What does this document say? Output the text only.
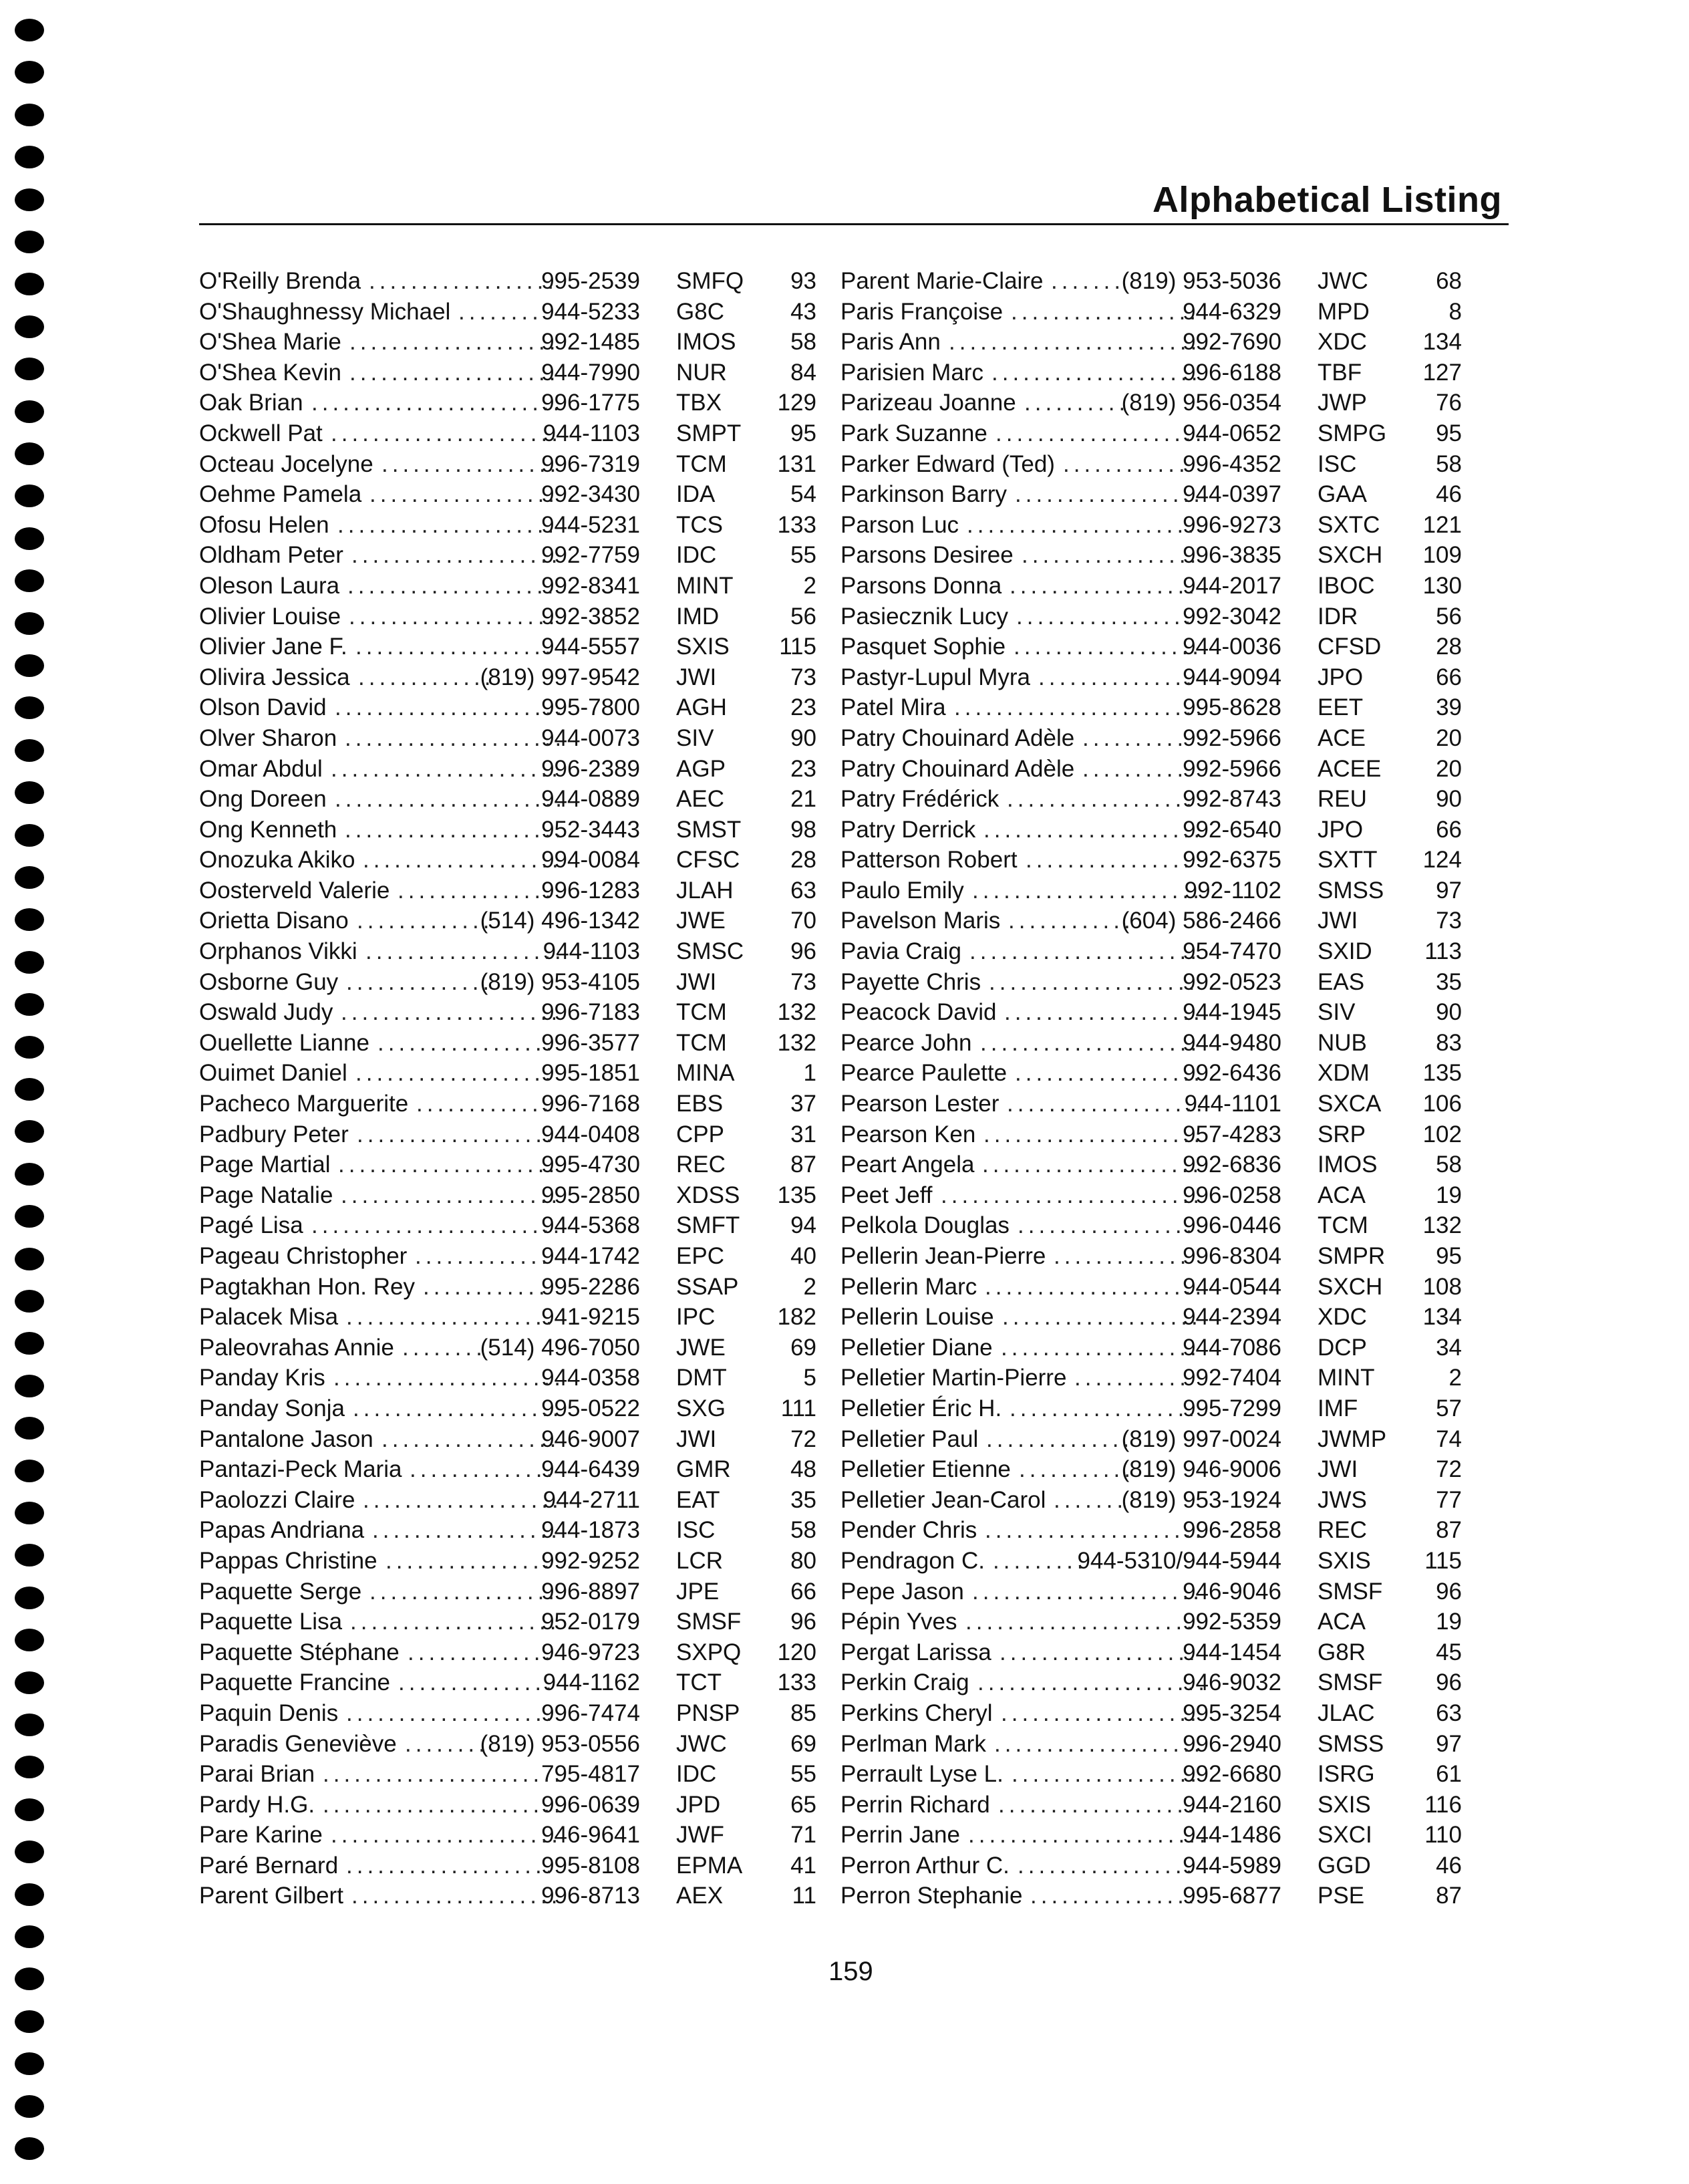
Alphabetical Listing
O'Reilly Brenda	995-2539 SMFQ	93
..................
O'Shaughnessy Michael	944-5233 G8C	43
........
O'Shea Marie	992-1485 IMOS	58
....................
O'Shea Kevin	944-7990 NUR	84
....................
Oak Brian	996-1775 TBX	129
........................
Ockwell Pat	944-1103 SMPT	95
......................
Octeau Jocelyne	996-7319 TCM	131
.................
Oehme Pamela	992-3430 IDA	54
..................
Ofosu Helen	944-5231 TCS	133
.....................
Oldham Peter	992-7759 IDC	55
....................
Oleson Laura	992-8341 MINT	2
....................
Olivier Louise	992-3852 IMD	56
....................
Olivier Jane F.	944-5557 SXIS	115
...................
Olivira Jessica	(819) 997-9542 JWI	73
.............
Olson David	995-7800 AGH	23
......................
Olver Sharon	944-0073 SIV	90
.....................
Omar Abdul	996-2389 AGP	23
......................
Ong Doreen	944-0889 AEC	21
......................
Ong Kenneth	952-3443 SMST	98
.....................
Onozuka Akiko	994-0084 CFSC	28
...................
Oosterveld Valerie	996-1283 JLAH	63
...............
Orietta Disano	(514) 496-1342 JWE	70
.............
Orphanos Vikki	944-1103 SMSC	96
...................
Osborne Guy	(819) 953-4105 JWI	73
..............
Oswald Judy	996-7183 TCM	132
.....................
Ouellette Lianne	996-3577 TCM	132
.................
Ouimet Daniel	995-1851 MINA	1
...................
Pacheco Marguerite	996-7168 EBS	37
.............
Padbury Peter	944-0408 CPP	31
...................
Page Martial	995-4730 REC	87
.....................
Page Natalie	995-2850 XDSS	135
.....................
Pagé Lisa	944-5368 SMFT	94
........................
Pageau Christopher	944-1742 EPC	40
.............
Pagtakhan Hon. Rey	995-2286 SSAP	2
............
Palacek Misa	941-9215 IPC	182
....................
Paleovrahas Annie	(514) 496-7050 JWE	69
........
Panday Kris	944-0358 DMT	5
......................
Panday Sonja	995-0522 SXG	111
....................
Pantalone Jason	946-9007 JWI	72
.................
Pantazi-Peck Maria	944-6439 GMR	48
..............
Paolozzi Claire	944-2711 EAT	35
...................
Papas Andriana	944-1873 ISC	58
..................
Pappas Christine	992-9252 LCR	80
................
Paquette Serge	996-8897 JPE	66
..................
Paquette Lisa	952-0179 SMSF	96
....................
Paquette Stéphane	946-9723 SXPQ	120
..............
Paquette Francine	944-1162 TCT	133
...............
Paquin Denis	996-7474 PNSP	85
....................
Paradis Geneviève	(819) 953-0556 JWC	69
........
Parai Brian	795-4817 IDC	55
.......................
Pardy H.G.	996-0639 JPD	65
.......................
Pare Karine	946-9641 JWF	71
......................
Paré Bernard	995-8108 EPMA	41
....................
Parent Gilbert	996-8713 AEX	11
....................
Parent Marie-Claire	(819) 953-5036 JWC	68
.......
Paris Françoise	944-6329 MPD	8
..................
Paris Ann	992-7690 XDC	134
.........................
Parisien Marc	996-6188 TBF	127
....................
Parizeau Joanne	(819) 956-0354 JWP	76
..........
Park Suzanne	944-0652 SMPG	95
....................
Parker Edward (Ted)	996-4352 ISC	58
............
Parkinson Barry	944-0397 GAA	46
..................
Parson Luc	996-9273 SXTC	121
.......................
Parsons Desiree	996-3835 SXCH	109
.................
Parsons Donna	944-2017 IBOC	130
..................
Pasiecznik Lucy	992-3042 IDR	56
.................
Pasquet Sophie	944-0036 CFSD	28
..................
Pastyr-Lupul Myra	944-9094 JPO	66
...............
Patel Mira	995-8628 EET	39
........................
Patry Chouinard Adèle	992-5966 ACE	20
..........
Patry Chouinard Adèle	992-5966 ACEE	20
..........
Patry Frédérick	992-8743 REU	90
..................
Patry Derrick	992-6540 JPO	66
.....................
Patterson Robert	992-6375 SXTT	124
................
Paulo Emily	992-1102 SMSS	97
......................
Pavelson Maris	(604) 586-2466 JWI	73
............
Pavia Craig	954-7470 SXID	113
......................
Payette Chris	992-0523 EAS	35
....................
Peacock David	944-1945 SIV	90
...................
Pearce John	944-9480 NUB	83
.....................
Pearce Paulette	992-6436 XDM	135
..................
Pearson Lester	944-1101 SXCA	106
...................
Pearson Ken	957-4283 SRP	102
.....................
Peart Angela	992-6836 IMOS	58
.....................
Peet Jeff	996-0258 ACA	19
.........................
Pelkola Douglas	996-0446 TCM	132
.................
Pellerin Jean-Pierre	996-8304 SMPR	95
.............
Pellerin Marc	944-0544 SXCH	108
.....................
Pellerin Louise	944-2394 XDC	134
...................
Pelletier Diane	944-7086 DCP	34
...................
Pelletier Martin-Pierre	992-7404 MINT	2
...........
Pelletier Éric H.	995-7299 IMF	57
..................
Pelletier Paul	(819) 997-0024 JWMP	74
..............
Pelletier Etienne	(819) 946-9006 JWI	72
...........
Pelletier Jean-Carol	(819) 953-1924 JWS	77
.......
Pender Chris	996-2858 REC	87
.....................
Pendragon C.	944-5310/944-5944 SXIS	115
.........
Pepe Jason	946-9046 SMSF	96
......................
Pépin Yves	992-5359 ACA	19
.......................
Pergat Larissa	944-1454 G8R	45
...................
Perkin Craig	946-9032 SMSF	96
......................
Perkins Cheryl	995-3254 JLAC	63
...................
Perlman Mark	996-2940 SMSS	97
....................
Perrault Lyse L.	992-6680 ISRG	61
..................
Perrin Richard	944-2160 SXIS	116
...................
Perrin Jane	944-1486 SXCI	110
.......................
Perron Arthur C.	944-5989 GGD	46
.................
Perron Stephanie	995-6877 PSE	87
................
159
